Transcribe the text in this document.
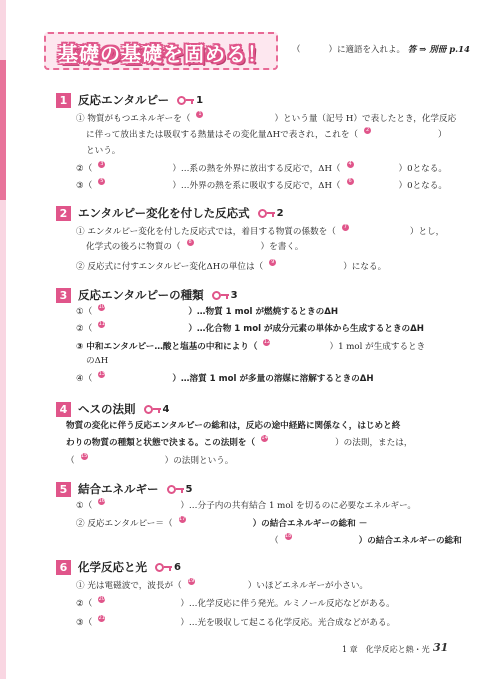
基礎の基礎を固める！	（	）に適語を入れよ。 答 ⇒ 別冊 p.14
1 反応エンタルピー	1
① 物質がもつエネルギーを（	1	）という量（記号 H）で表したとき，化学反応
に伴って放出または吸収する熱量はその変化量ΔHで表され，これを（	2	）
という。
②（	3	）…系の熱を外界に放出する反応で，ΔH（	4	）0となる。
③（	5	）…外界の熱を系に吸収する反応で，ΔH（	6	）0となる。
2 エンタルピー変化を付した反応式	2
① エンタルピー変化を付した反応式では，着目する物質の係数を（	7	）とし，
化学式の後ろに物質の（	8	）を書く。
② 反応式に付すエンタルピー変化ΔHの単位は（	9	）になる。
3 反応エンタルピーの種類	3
①（ 10	）…物質 1 mol が燃焼するときのΔH
②（ 11	）…化合物 1 mol が成分元素の単体から生成するときのΔH
③ 中和エンタルピー…酸と塩基の中和により（ 12	）1 mol が生成するとき
のΔH
④（ 13	）…溶質 1 mol が多量の溶媒に溶解するときのΔH
4 ヘスの法則	4
物質の変化に伴う反応エンタルピーの総和は，反応の途中経路に関係なく，はじめと終
わりの物質の種類と状態で決まる。この法則を（ 14	）の法則，または，
（ 15	）の法則という。
5 結合エネルギー	5
①（ 16	）…分子内の共有結合 1 mol を切るのに必要なエネルギー。
② 反応エンタルピー＝（ 17	）の結合エネルギーの総和 －
（ 18	）の結合エネルギーの総和
6 化学反応と光	6
① 光は電磁波で，波長が（ 19	）いほどエネルギーが小さい。
②（ 20	）…化学反応に伴う発光。ルミノール反応などがある。
③（ 21	）…光を吸収して起こる化学反応。光合成などがある。
1 章　化学反応と熱・光 31
